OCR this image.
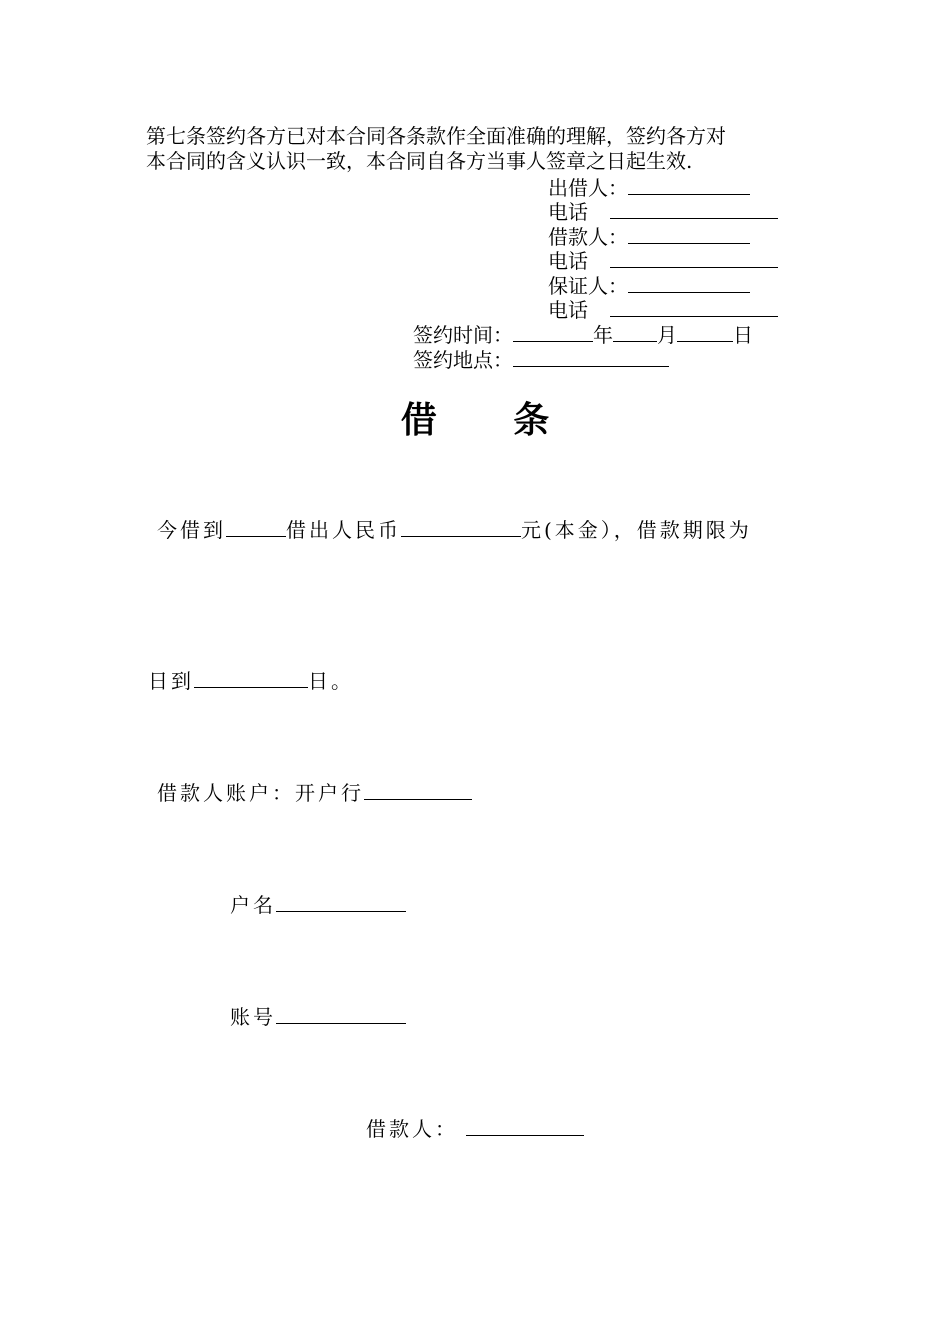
第七条签约各方已对本合同各条款作全面准确的理解，签约各方对
本合同的含义认识一致，本合同自各方当事人签章之日起生效.
出借人：
电话
借款人：
电话
保证人：
电话
签约时间：	年 月	日
签约地点：
借 条
今借到	借出人民币	元(本金），借款期限为
日到	日。
借款人账户：开户行
户名
账号
借款人：
